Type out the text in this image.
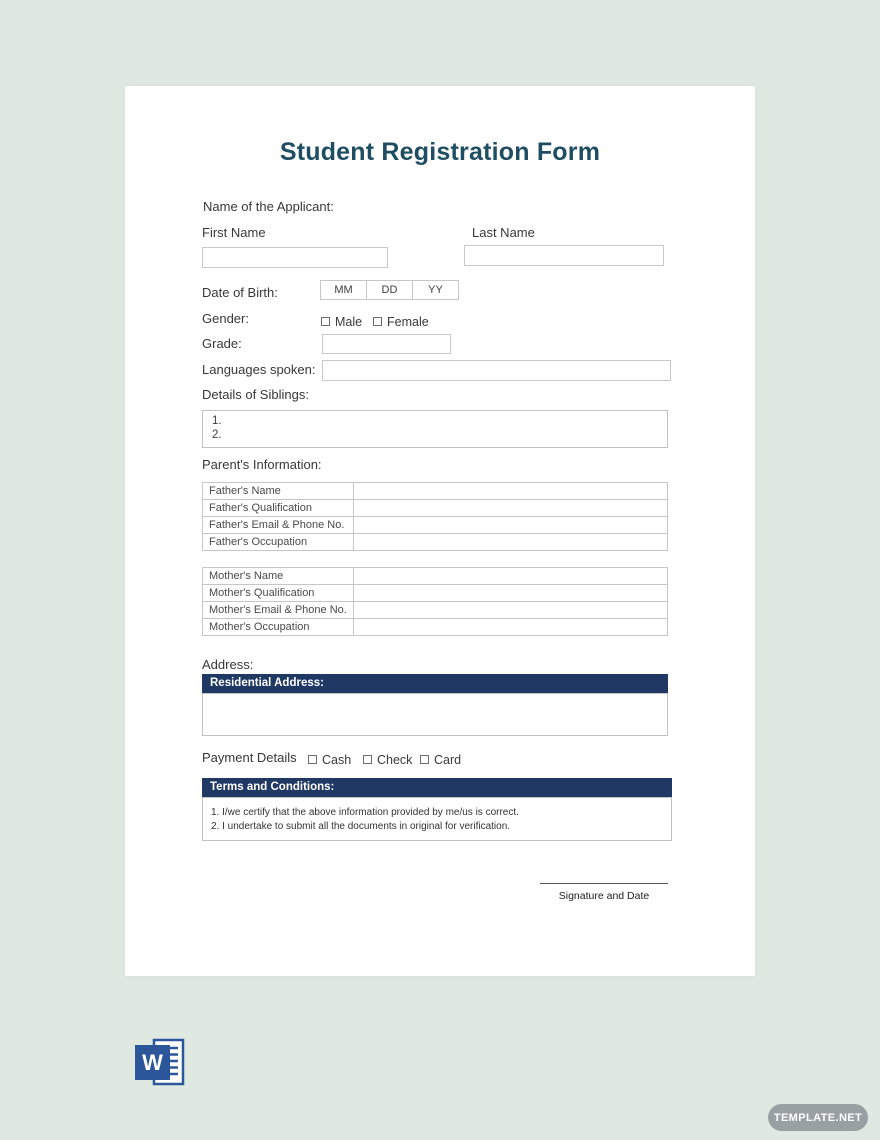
Student Registration Form
Name of the Applicant:
First Name	Last Name
Date of Birth:	MM	DD	YY
Gender:	Male Female
Grade:
Languages spoken:
Details of Siblings:
1.
2.
Parent's Information:
Father's Name	
Father's Qualification	
Father's Email & Phone No.	
Father's Occupation	
Mother's Name	
Mother's Qualification	
Mother's Email & Phone No.	
Mother's Occupation	
Address:
Residential Address:
Payment Details Cash Check Card
Terms and Conditions:
1. I/we certify that the above information provided by me/us is correct.
2. I undertake to submit all the documents in original for verification.
Signature and Date
W
TEMPLATE.NET
